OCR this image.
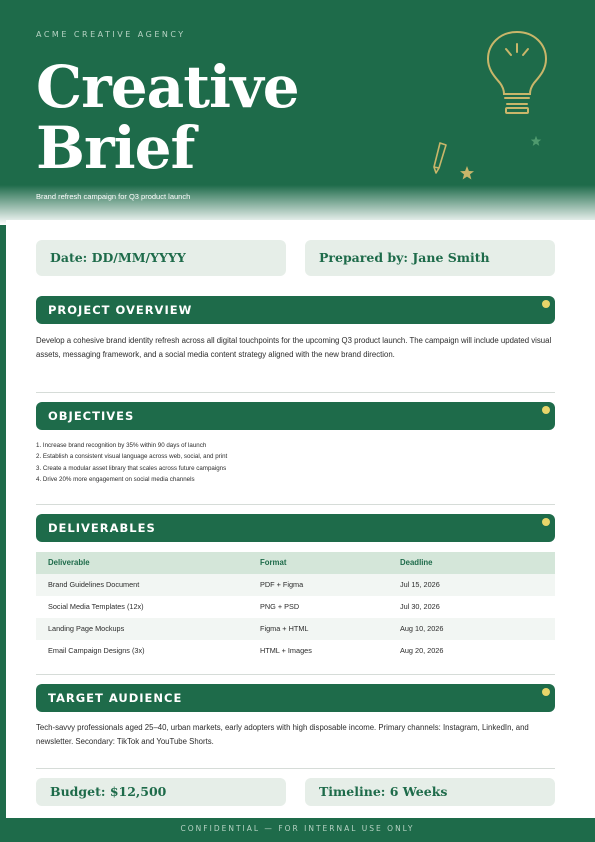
ACME CREATIVE AGENCY
Creative
Brief
Brand refresh campaign for Q3 product launch
Date: DD/MM/YYYY	Prepared by: Jane Smith
PROJECT OVERVIEW
Develop a cohesive brand identity refresh across all digital touchpoints for the upcoming Q3 product launch. The campaign will include updated visual assets, messaging framework, and a social media content strategy aligned with the new brand direction.
OBJECTIVES
1. Increase brand recognition by 35% within 90 days of launch
2. Establish a consistent visual language across web, social, and print
3. Create a modular asset library that scales across future campaigns
4. Drive 20% more engagement on social media channels
DELIVERABLES
Deliverable	Format	Deadline
Brand Guidelines Document	PDF + Figma	Jul 15, 2026
Social Media Templates (12x)	PNG + PSD	Jul 30, 2026
Landing Page Mockups	Figma + HTML	Aug 10, 2026
Email Campaign Designs (3x)	HTML + Images	Aug 20, 2026
TARGET AUDIENCE
Tech-savvy professionals aged 25–40, urban markets, early adopters with high disposable income. Primary channels: Instagram, LinkedIn, and newsletter. Secondary: TikTok and YouTube Shorts.
Budget: $12,500	Timeline: 6 Weeks
CONFIDENTIAL — FOR INTERNAL USE ONLY
